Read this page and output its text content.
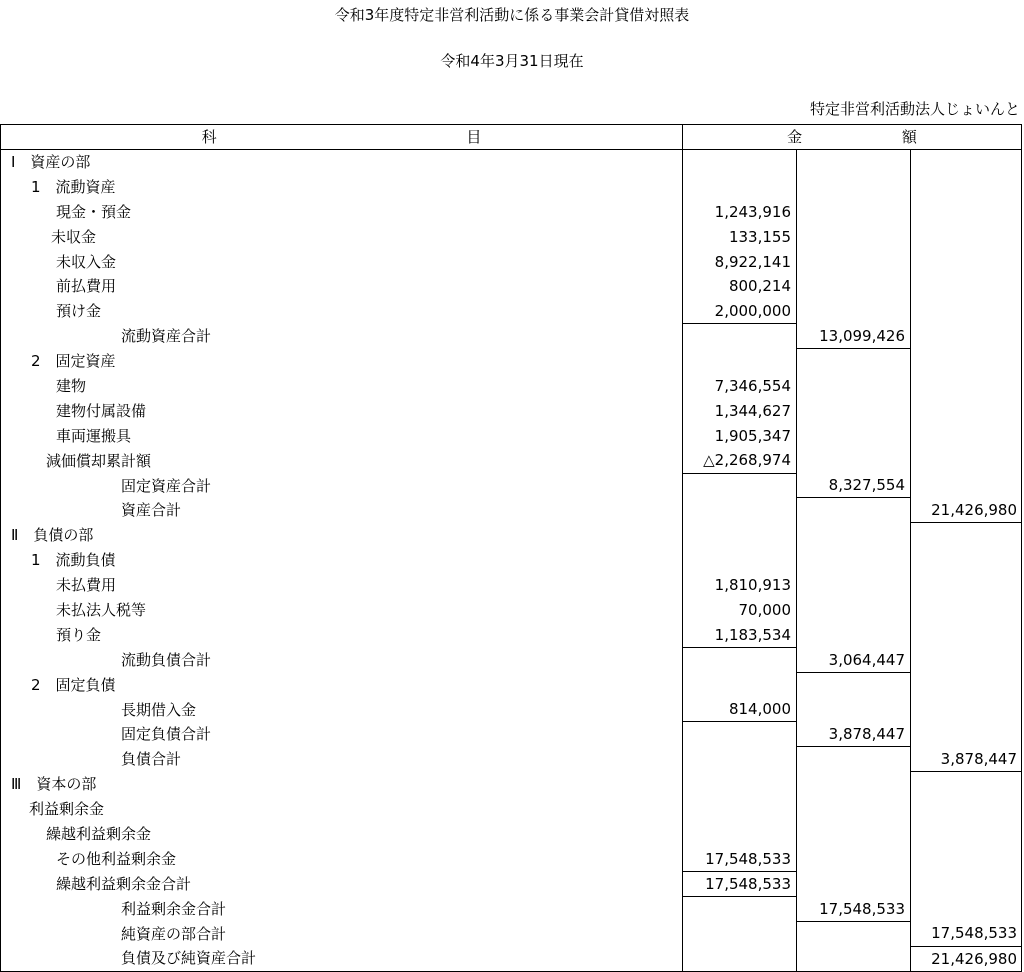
令和3年度特定非営利活動に係る事業会計貸借対照表
令和4年3月31日現在
特定非営利活動法人じょいんと
科 目	金 額		
Ⅰ　資産の部			
1　流動資産			
現金・預金	1,243,916		
未収金	133,155		
未収入金	8,922,141		
前払費用	800,214		
預け金	2,000,000		
流動資産合計		13,099,426	
2　固定資産			
建物	7,346,554		
建物付属設備	1,344,627		
車両運搬具	1,905,347		
減価償却累計額	△2,268,974		
固定資産合計		8,327,554	
資産合計			21,426,980
Ⅱ　負債の部			
1　流動負債			
未払費用	1,810,913		
未払法人税等	70,000		
預り金	1,183,534		
流動負債合計		3,064,447	
2　固定負債			
長期借入金	814,000		
固定負債合計		3,878,447	
負債合計			3,878,447
Ⅲ　資本の部			
利益剰余金			
繰越利益剰余金			
その他利益剰余金	17,548,533		
繰越利益剰余金合計	17,548,533		
利益剰余金合計		17,548,533	
純資産の部合計			17,548,533
負債及び純資産合計			21,426,980
